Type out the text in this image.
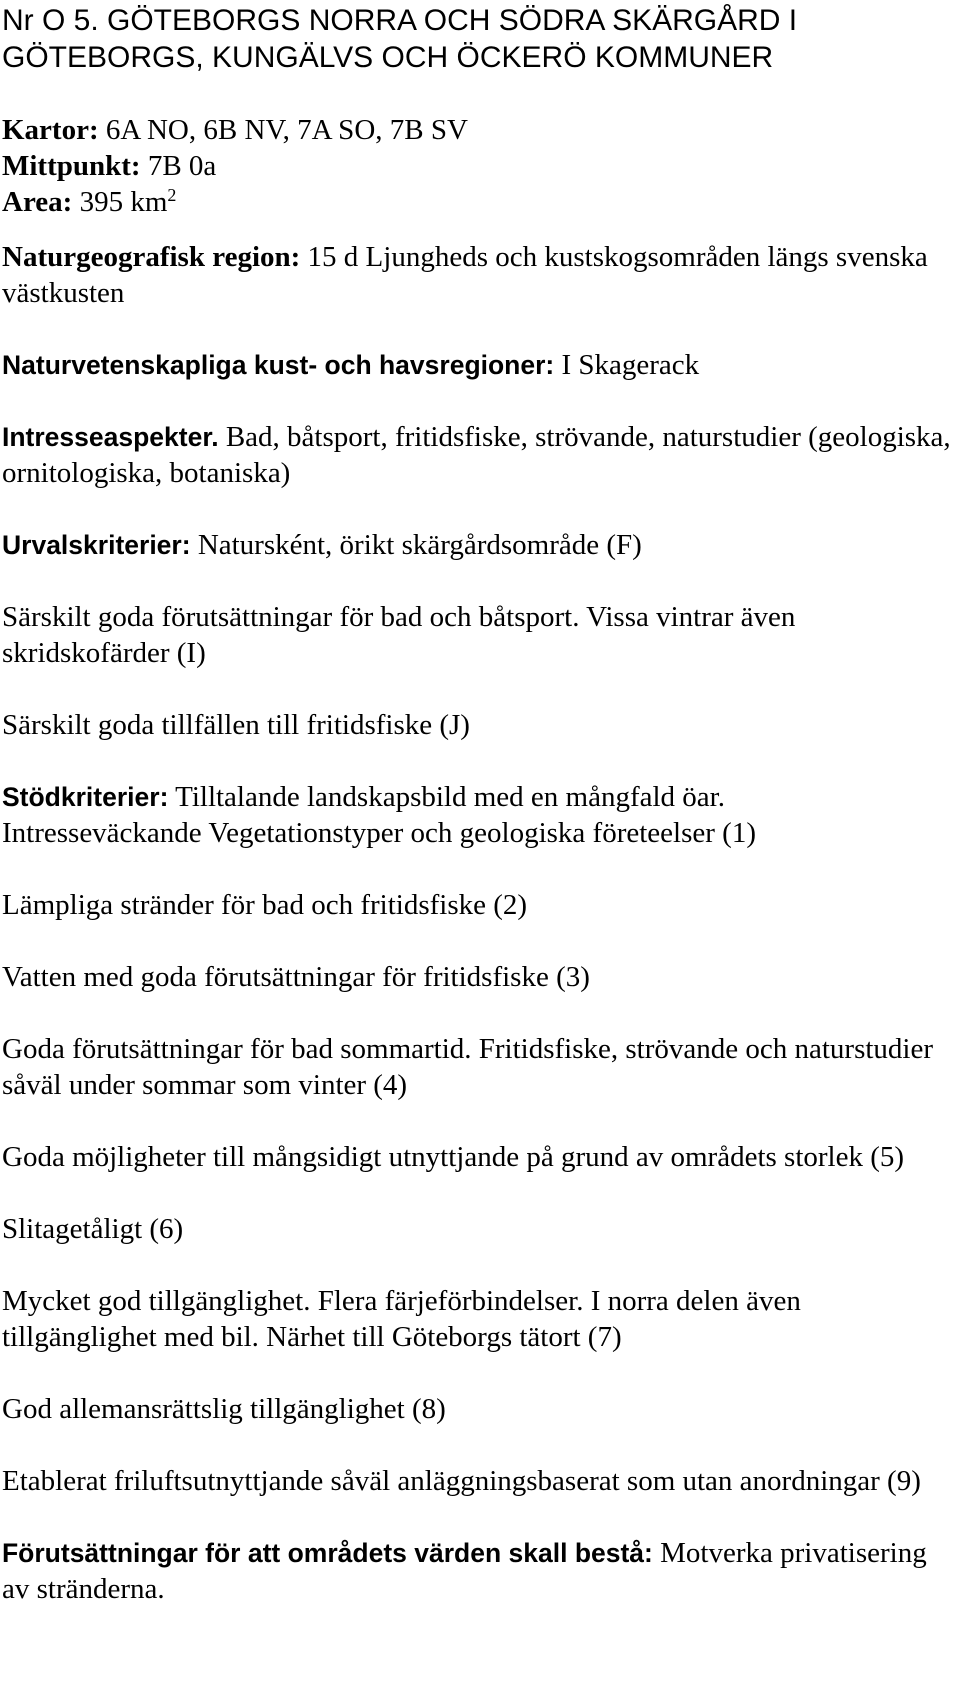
Nr O 5. GÖTEBORGS NORRA OCH SÖDRA SKÄRGÅRD I
GÖTEBORGS, KUNGÄLVS OCH ÖCKERÖ KOMMUNER

Kartor: 6A NO, 6B NV, 7A SO, 7B SV

Mittpunkt: 7B 0a

Area: 395 $km^2$

Naturgeografisk region: 15 d Ljungheds och kustskogsområden längs svenska västkusten

Naturvetenskapliga kust- och havsregioner: I Skagerack

Intresseaspekter. Bad, båtsport, fritidsfiske, strövande, naturstudier (geologiska, ornitologiska, botaniska)

Urvalskriterier: Natursként, örikt skärgårdsområde (F)

Särskilt goda förutsättningar för bad och båtsport. Vissa vintrar även skridskofärder (I)

Särskilt goda tillfällen till fritidsfiske (J)

Stödkriterier: Tilltalande landskapsbild med en mångfald öar.

Intresseväckande Vegetationstyper och geologiska företeelser (1)

Lämpliga stränder för bad och fritidsfiske (2)

Vatten med goda förutsättningar för fritidsfiske (3)

Goda förutsättningar för bad sommartid. Fritidsfiske, strövande och naturstudier såväl under sommar som vinter (4)

Goda möjligheter till mångsidigt utnyttjande på grund av områdets storlek (5)

Slitagetåligt (6)

Mycket god tillgänglighet. Flera färjeförbindelser. I norra delen även tillgänglighet med bil. Närhet till Göteborgs tätort (7)

God allemansrättslig tillgänglighet (8)

Etablerat friluftsutnyttjande såväl anläggningsbaserat som utan anordningar (9)

Förutsättningar för att områdets värden skall bestå: Motverka privatisering av stränderna.
